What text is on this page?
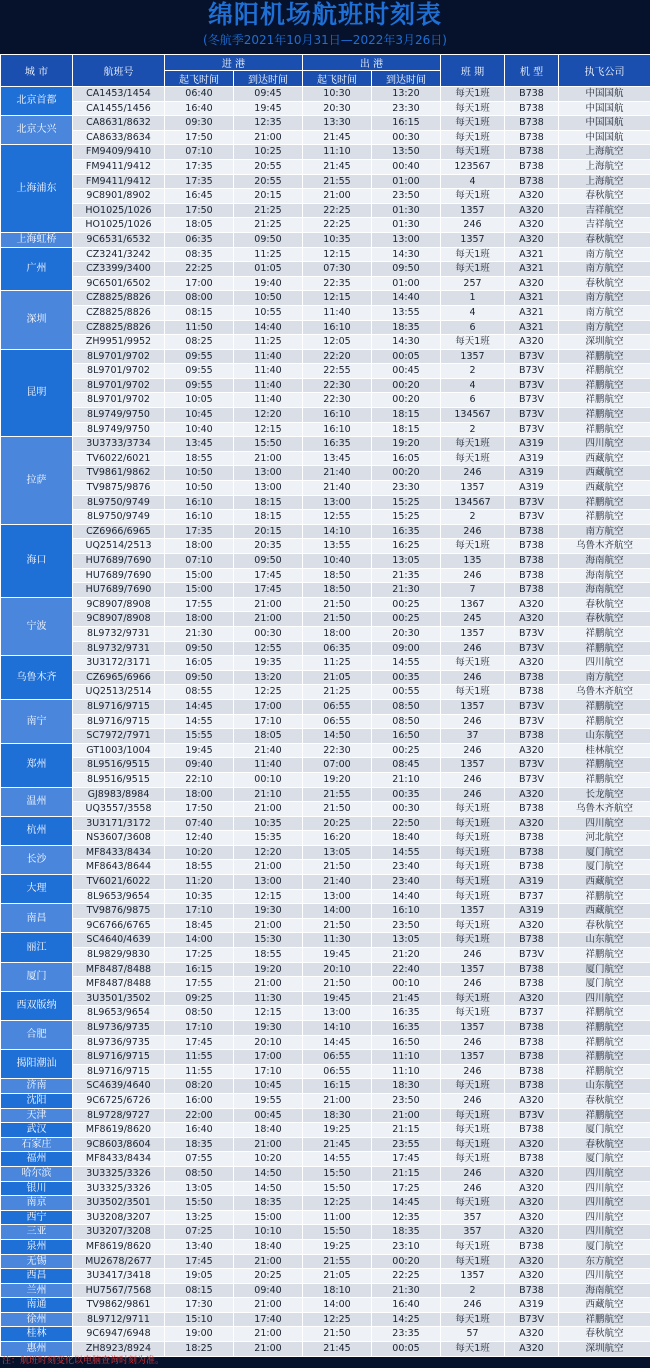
绵阳机场航班时刻表
(冬航季2021年10月31日—2022年3月26日)
城 市	航班号	进 港		出 港		班 期	机 型	执飞公司
		起飞时间	到达时间	起飞时间	到达时间			
北京首都	CA1453/1454	06:40	09:45	10:30	13:20	每天1班	B738	中国国航
	CA1455/1456	16:40	19:45	20:30	23:30	每天1班	B738	中国国航
北京大兴	CA8631/8632	09:30	12:35	13:30	16:15	每天1班	B738	中国国航
	CA8633/8634	17:50	21:00	21:45	00:30	每天1班	B738	中国国航
上海浦东	FM9409/9410	07:10	10:25	11:10	13:50	每天1班	B738	上海航空
	FM9411/9412	17:35	20:55	21:45	00:40	123567	B738	上海航空
	FM9411/9412	17:35	20:55	21:55	01:00	4	B738	上海航空
	9C8901/8902	16:45	20:15	21:00	23:50	每天1班	A320	春秋航空
	HO1025/1026	17:50	21:25	22:25	01:30	1357	A320	吉祥航空
	HO1025/1026	18:05	21:25	22:25	01:30	246	A320	吉祥航空
上海虹桥	9C6531/6532	06:35	09:50	10:35	13:00	1357	A320	春秋航空
广州	CZ3241/3242	08:35	11:25	12:15	14:30	每天1班	A321	南方航空
	CZ3399/3400	22:25	01:05	07:30	09:50	每天1班	A321	南方航空
	9C6501/6502	17:00	19:40	22:35	01:00	257	A320	春秋航空
深圳	CZ8825/8826	08:00	10:50	12:15	14:40	1	A321	南方航空
	CZ8825/8826	08:15	10:55	11:40	13:55	4	A321	南方航空
	CZ8825/8826	11:50	14:40	16:10	18:35	6	A321	南方航空
	ZH9951/9952	08:25	11:25	12:05	14:30	每天1班	A320	深圳航空
昆明	8L9701/9702	09:55	11:40	22:20	00:05	1357	B73V	祥鹏航空
	8L9701/9702	09:55	11:40	22:55	00:45	2	B73V	祥鹏航空
	8L9701/9702	09:55	11:40	22:30	00:20	4	B73V	祥鹏航空
	8L9701/9702	10:05	11:40	22:30	00:20	6	B73V	祥鹏航空
	8L9749/9750	10:45	12:20	16:10	18:15	134567	B73V	祥鹏航空
	8L9749/9750	10:40	12:15	16:10	18:15	2	B73V	祥鹏航空
拉萨	3U3733/3734	13:45	15:50	16:35	19:20	每天1班	A319	四川航空
	TV6022/6021	18:55	21:00	13:45	16:05	每天1班	A319	西藏航空
	TV9861/9862	10:50	13:00	21:40	00:20	246	A319	西藏航空
	TV9875/9876	10:50	13:00	21:40	23:30	1357	A319	西藏航空
	8L9750/9749	16:10	18:15	13:00	15:25	134567	B73V	祥鹏航空
	8L9750/9749	16:10	18:15	12:55	15:25	2	B73V	祥鹏航空
海口	CZ6966/6965	17:35	20:15	14:10	16:35	246	B738	南方航空
	UQ2514/2513	18:00	20:35	13:55	16:25	每天1班	B738	乌鲁木齐航空
	HU7689/7690	07:10	09:50	10:40	13:05	135	B738	海南航空
	HU7689/7690	15:00	17:45	18:50	21:35	246	B738	海南航空
	HU7689/7690	15:00	17:45	18:50	21:30	7	B738	海南航空
宁波	9C8907/8908	17:55	21:00	21:50	00:25	1367	A320	春秋航空
	9C8907/8908	18:00	21:00	21:50	00:25	245	A320	春秋航空
	8L9732/9731	21:30	00:30	18:00	20:30	1357	B73V	祥鹏航空
	8L9732/9731	09:50	12:55	06:35	09:00	246	B73V	祥鹏航空
乌鲁木齐	3U3172/3171	16:05	19:35	11:25	14:55	每天1班	A320	四川航空
	CZ6965/6966	09:50	13:20	21:05	00:35	246	B738	南方航空
	UQ2513/2514	08:55	12:25	21:25	00:55	每天1班	B738	乌鲁木齐航空
南宁	8L9716/9715	14:45	17:00	06:55	08:50	1357	B73V	祥鹏航空
	8L9716/9715	14:55	17:10	06:55	08:50	246	B73V	祥鹏航空
	SC7972/7971	15:55	18:05	14:50	16:50	37	B738	山东航空
郑州	GT1003/1004	19:45	21:40	22:30	00:25	246	A320	桂林航空
	8L9516/9515	09:40	11:40	07:00	08:45	1357	B73V	祥鹏航空
	8L9516/9515	22:10	00:10	19:20	21:10	246	B73V	祥鹏航空
温州	GJ8983/8984	18:00	21:10	21:55	00:35	246	A320	长龙航空
	UQ3557/3558	17:50	21:00	21:50	00:30	每天1班	B738	乌鲁木齐航空
杭州	3U3171/3172	07:40	10:35	20:25	22:50	每天1班	A320	四川航空
	NS3607/3608	12:40	15:35	16:20	18:40	每天1班	B738	河北航空
长沙	MF8433/8434	10:20	12:20	13:05	14:55	每天1班	B738	厦门航空
	MF8643/8644	18:55	21:00	21:50	23:40	每天1班	B738	厦门航空
大理	TV6021/6022	11:20	13:00	21:40	23:40	每天1班	A319	西藏航空
	8L9653/9654	10:35	12:15	13:00	14:40	每天1班	B737	祥鹏航空
南昌	TV9876/9875	17:10	19:30	14:00	16:10	1357	A319	西藏航空
	9C6766/6765	18:45	21:00	21:50	23:50	每天1班	A320	春秋航空
丽江	SC4640/4639	14:00	15:30	11:30	13:05	每天1班	B738	山东航空
	8L9829/9830	17:25	18:55	19:45	21:20	246	B73V	祥鹏航空
厦门	MF8487/8488	16:15	19:20	20:10	22:40	1357	B738	厦门航空
	MF8487/8488	17:55	21:00	21:50	00:10	246	B738	厦门航空
西双版纳	3U3501/3502	09:25	11:30	19:45	21:45	每天1班	A320	四川航空
	8L9653/9654	08:50	12:15	13:00	16:35	每天1班	B737	祥鹏航空
合肥	8L9736/9735	17:10	19:30	14:10	16:35	1357	B738	祥鹏航空
	8L9736/9735	17:45	20:10	14:45	16:50	246	B738	祥鹏航空
揭阳潮汕	8L9716/9715	11:55	17:00	06:55	11:10	1357	B738	祥鹏航空
	8L9716/9715	11:55	17:10	06:55	11:10	246	B738	祥鹏航空
济南	SC4639/4640	08:20	10:45	16:15	18:30	每天1班	B738	山东航空
沈阳	9C6725/6726	16:00	19:55	21:00	23:50	246	A320	春秋航空
天津	8L9728/9727	22:00	00:45	18:30	21:00	每天1班	B73V	祥鹏航空
武汉	MF8619/8620	16:40	18:40	19:25	21:15	每天1班	B738	厦门航空
石家庄	9C8603/8604	18:35	21:00	21:45	23:55	每天1班	A320	春秋航空
福州	MF8433/8434	07:55	10:20	14:55	17:45	每天1班	B738	厦门航空
哈尔滨	3U3325/3326	08:50	14:50	15:50	21:15	246	A320	四川航空
银川	3U3325/3326	13:05	14:50	15:50	17:25	246	A320	四川航空
南京	3U3502/3501	15:50	18:35	12:25	14:45	每天1班	A320	四川航空
西宁	3U3208/3207	13:25	15:00	11:00	12:35	357	A320	四川航空
三亚	3U3207/3208	07:25	10:10	15:50	18:35	357	A320	四川航空
泉州	MF8619/8620	13:40	18:40	19:25	23:10	每天1班	B738	厦门航空
无锡	MU2678/2677	17:45	21:00	21:55	00:20	每天1班	A320	东方航空
西昌	3U3417/3418	19:05	20:25	21:05	22:25	1357	A320	四川航空
兰州	HU7567/7568	08:15	09:40	18:10	21:30	2	B738	海南航空
南通	TV9862/9861	17:30	21:00	14:00	16:40	246	A319	西藏航空
徐州	8L9712/9711	15:10	17:40	12:25	14:25	每天1班	B73V	祥鹏航空
桂林	9C6947/6948	19:00	21:00	21:50	23:35	57	A320	春秋航空
惠州	ZH8923/8924	18:25	21:00	21:45	00:05	每天1班	A320	深圳航空
注：航班时刻变化以电脑查询时刻为准。
